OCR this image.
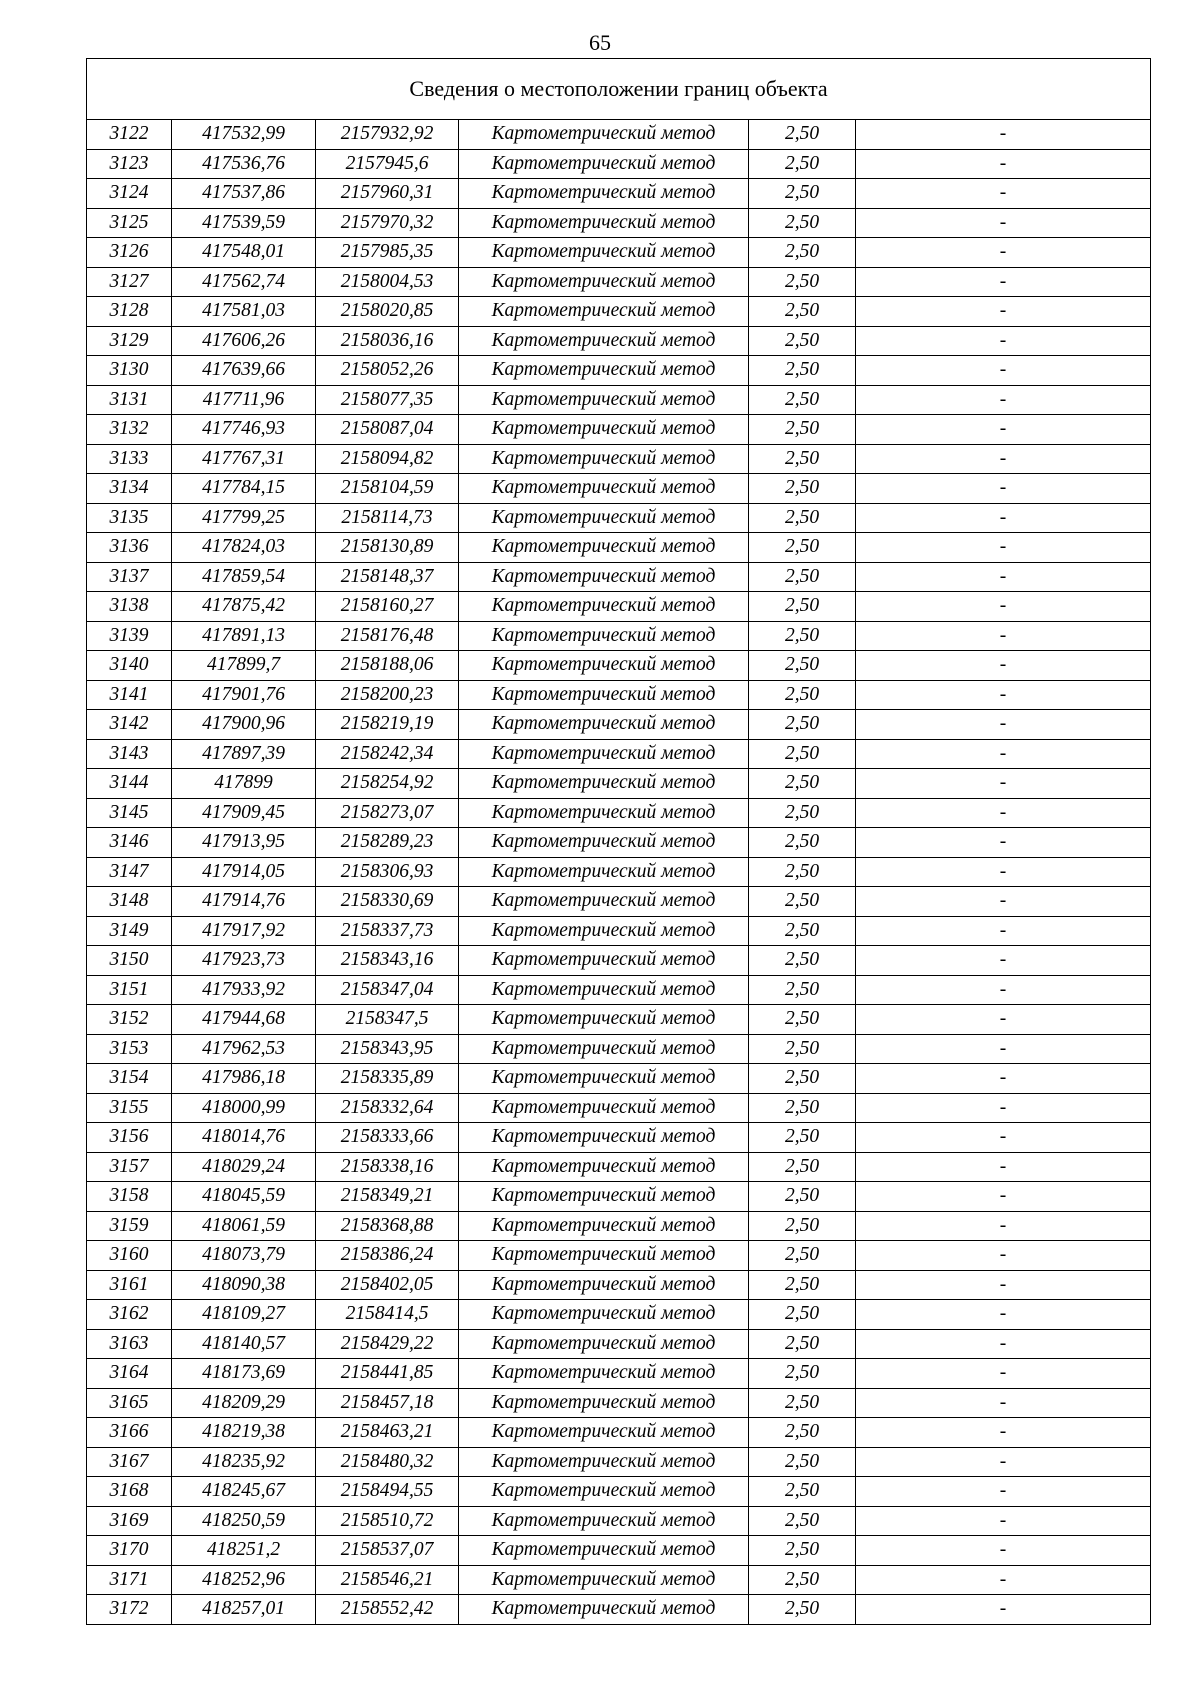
65
Сведения о местоположении границ объекта					
3122	417532,99	2157932,92	Картометрический метод	2,50	-
3123	417536,76	2157945,6	Картометрический метод	2,50	-
3124	417537,86	2157960,31	Картометрический метод	2,50	-
3125	417539,59	2157970,32	Картометрический метод	2,50	-
3126	417548,01	2157985,35	Картометрический метод	2,50	-
3127	417562,74	2158004,53	Картометрический метод	2,50	-
3128	417581,03	2158020,85	Картометрический метод	2,50	-
3129	417606,26	2158036,16	Картометрический метод	2,50	-
3130	417639,66	2158052,26	Картометрический метод	2,50	-
3131	417711,96	2158077,35	Картометрический метод	2,50	-
3132	417746,93	2158087,04	Картометрический метод	2,50	-
3133	417767,31	2158094,82	Картометрический метод	2,50	-
3134	417784,15	2158104,59	Картометрический метод	2,50	-
3135	417799,25	2158114,73	Картометрический метод	2,50	-
3136	417824,03	2158130,89	Картометрический метод	2,50	-
3137	417859,54	2158148,37	Картометрический метод	2,50	-
3138	417875,42	2158160,27	Картометрический метод	2,50	-
3139	417891,13	2158176,48	Картометрический метод	2,50	-
3140	417899,7	2158188,06	Картометрический метод	2,50	-
3141	417901,76	2158200,23	Картометрический метод	2,50	-
3142	417900,96	2158219,19	Картометрический метод	2,50	-
3143	417897,39	2158242,34	Картометрический метод	2,50	-
3144	417899	2158254,92	Картометрический метод	2,50	-
3145	417909,45	2158273,07	Картометрический метод	2,50	-
3146	417913,95	2158289,23	Картометрический метод	2,50	-
3147	417914,05	2158306,93	Картометрический метод	2,50	-
3148	417914,76	2158330,69	Картометрический метод	2,50	-
3149	417917,92	2158337,73	Картометрический метод	2,50	-
3150	417923,73	2158343,16	Картометрический метод	2,50	-
3151	417933,92	2158347,04	Картометрический метод	2,50	-
3152	417944,68	2158347,5	Картометрический метод	2,50	-
3153	417962,53	2158343,95	Картометрический метод	2,50	-
3154	417986,18	2158335,89	Картометрический метод	2,50	-
3155	418000,99	2158332,64	Картометрический метод	2,50	-
3156	418014,76	2158333,66	Картометрический метод	2,50	-
3157	418029,24	2158338,16	Картометрический метод	2,50	-
3158	418045,59	2158349,21	Картометрический метод	2,50	-
3159	418061,59	2158368,88	Картометрический метод	2,50	-
3160	418073,79	2158386,24	Картометрический метод	2,50	-
3161	418090,38	2158402,05	Картометрический метод	2,50	-
3162	418109,27	2158414,5	Картометрический метод	2,50	-
3163	418140,57	2158429,22	Картометрический метод	2,50	-
3164	418173,69	2158441,85	Картометрический метод	2,50	-
3165	418209,29	2158457,18	Картометрический метод	2,50	-
3166	418219,38	2158463,21	Картометрический метод	2,50	-
3167	418235,92	2158480,32	Картометрический метод	2,50	-
3168	418245,67	2158494,55	Картометрический метод	2,50	-
3169	418250,59	2158510,72	Картометрический метод	2,50	-
3170	418251,2	2158537,07	Картометрический метод	2,50	-
3171	418252,96	2158546,21	Картометрический метод	2,50	-
3172	418257,01	2158552,42	Картометрический метод	2,50	-
